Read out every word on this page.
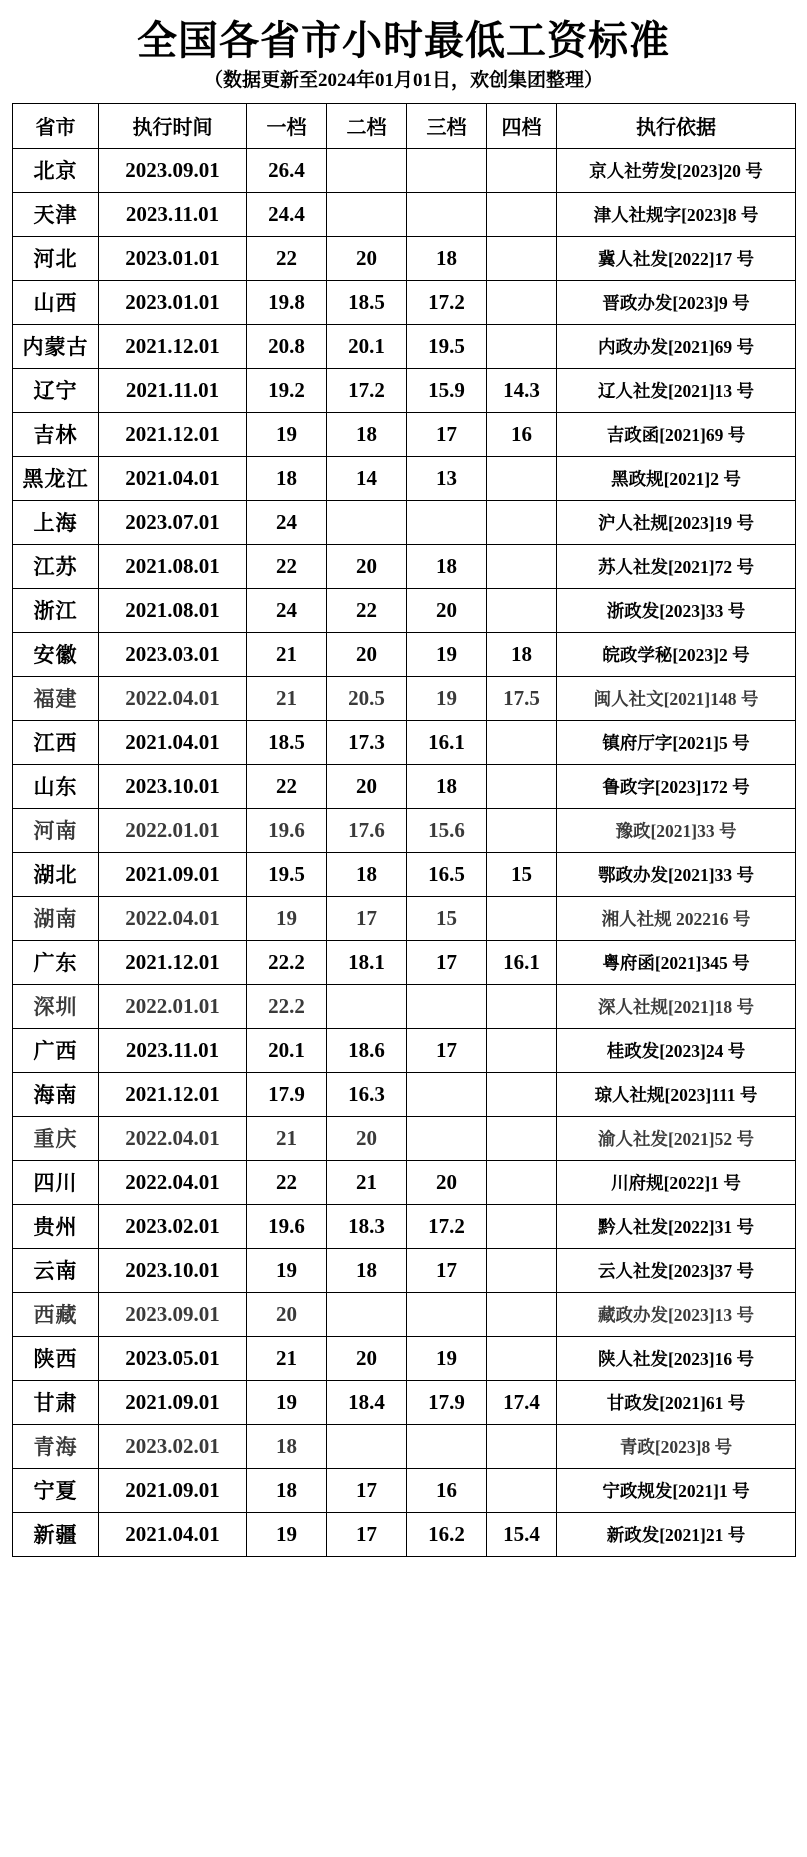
全国各省市小时最低工资标准
（数据更新至2024年01月01日，欢创集团整理）
省市	执行时间	一档	二档	三档	四档	执行依据
北京	2023.09.01	26.4				京人社劳发[2023]20 号
天津	2023.11.01	24.4				津人社规字[2023]8 号
河北	2023.01.01	22	20	18		冀人社发[2022]17 号
山西	2023.01.01	19.8	18.5	17.2		晋政办发[2023]9 号
内蒙古	2021.12.01	20.8	20.1	19.5		内政办发[2021]69 号
辽宁	2021.11.01	19.2	17.2	15.9	14.3	辽人社发[2021]13 号
吉林	2021.12.01	19	18	17	16	吉政函[2021]69 号
黑龙江	2021.04.01	18	14	13		黑政规[2021]2 号
上海	2023.07.01	24				沪人社规[2023]19 号
江苏	2021.08.01	22	20	18		苏人社发[2021]72 号
浙江	2021.08.01	24	22	20		浙政发[2023]33 号
安徽	2023.03.01	21	20	19	18	皖政学秘[2023]2 号
福建	2022.04.01	21	20.5	19	17.5	闽人社文[2021]148 号
江西	2021.04.01	18.5	17.3	16.1		镇府厅字[2021]5 号
山东	2023.10.01	22	20	18		鲁政字[2023]172 号
河南	2022.01.01	19.6	17.6	15.6		豫政[2021]33 号
湖北	2021.09.01	19.5	18	16.5	15	鄂政办发[2021]33 号
湖南	2022.04.01	19	17	15		湘人社规 202216 号
广东	2021.12.01	22.2	18.1	17	16.1	粤府函[2021]345 号
深圳	2022.01.01	22.2				深人社规[2021]18 号
广西	2023.11.01	20.1	18.6	17		桂政发[2023]24 号
海南	2021.12.01	17.9	16.3			琼人社规[2023]111 号
重庆	2022.04.01	21	20			渝人社发[2021]52 号
四川	2022.04.01	22	21	20		川府规[2022]1 号
贵州	2023.02.01	19.6	18.3	17.2		黔人社发[2022]31 号
云南	2023.10.01	19	18	17		云人社发[2023]37 号
西藏	2023.09.01	20				藏政办发[2023]13 号
陕西	2023.05.01	21	20	19		陕人社发[2023]16 号
甘肃	2021.09.01	19	18.4	17.9	17.4	甘政发[2021]61 号
青海	2023.02.01	18				青政[2023]8 号
宁夏	2021.09.01	18	17	16		宁政规发[2021]1 号
新疆	2021.04.01	19	17	16.2	15.4	新政发[2021]21 号
